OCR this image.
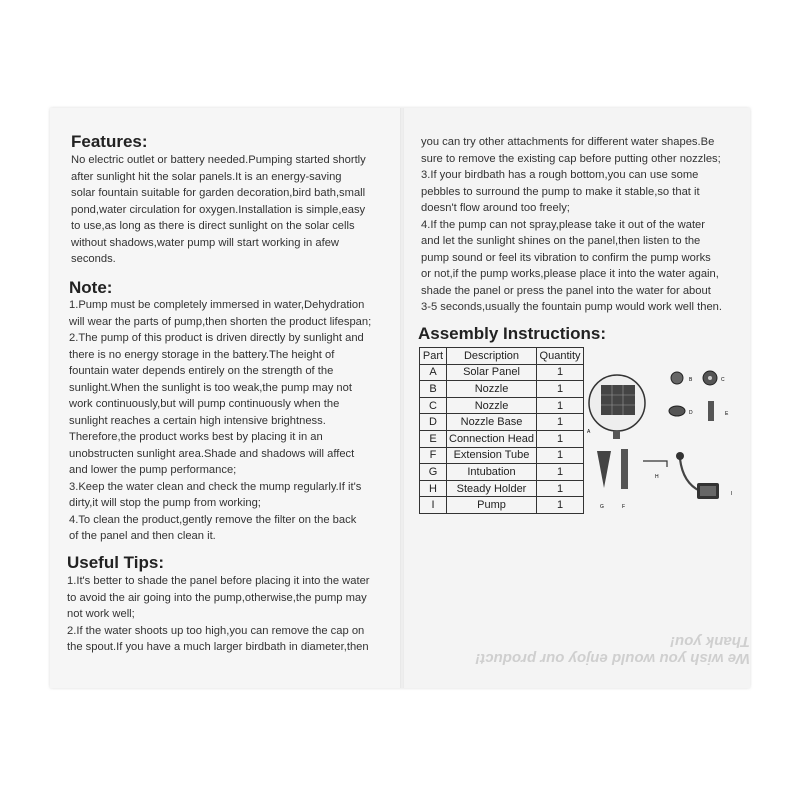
Features:
No electric outlet or battery needed.Pumping started shortly
after sunlight hit the solar panels.It is an energy-saving
solar fountain suitable for garden decoration,bird bath,small
pond,water circulation for oxygen.Installation is simple,easy
to use,as long as there is direct sunlight on the solar cells
without shadows,water pump will start working in afew
seconds.
Note:
1.Pump must be completely immersed in water,Dehydration
will wear the parts of pump,then shorten the product lifespan;
2.The pump of this product is driven directly by sunlight and
there is no energy storage in the battery.The height of
fountain water depends entirely on the strength of the
sunlight.When the sunlight is too weak,the pump may not
work continuously,but will pump continuously when the
sunlight reaches a certain high intensive brightness.
Therefore,the product works best by placing it in an
unobstructen sunlight area.Shade and shadows will affect
and lower the pump performance;
3.Keep the water clean and check the mump regularly.If it's
dirty,it will stop the pump from working;
4.To clean the product,gently remove the filter on the back
of the panel and then clean it.
Useful Tips:
1.It's better to shade the panel before placing it into the water
to avoid the air going into the pump,otherwise,the pump may
not work well;
2.If the water shoots up too high,you can remove the cap on
the spout.If you have a much larger birdbath in diameter,then
you can try other attachments for different water shapes.Be
sure to remove the existing cap before putting other nozzles;
3.If your birdbath has a rough bottom,you can use some
pebbles to surround the pump to make it stable,so that it
doesn't flow around too freely;
4.If the pump can not spray,please take it out of the water
and let the sunlight shines on the panel,then listen to the
pump sound or feel its vibration to confirm the pump works
or not,if the pump works,please place it into the water again,
shade the panel or press the panel into the water for about
3-5 seconds,usually the fountain pump would work well then.
Assembly Instructions:
Part	Description	Quantity
A	Solar Panel	1
B	Nozzle	1
C	Nozzle	1
D	Nozzle Base	1
E	Connection Head	1
F	Extension Tube	1
G	Intubation	1
H	Steady Holder	1
I	Pump	1
A
B	C
D	E
G	F
H
I
We wish you would enjoy our product! Thank you!
